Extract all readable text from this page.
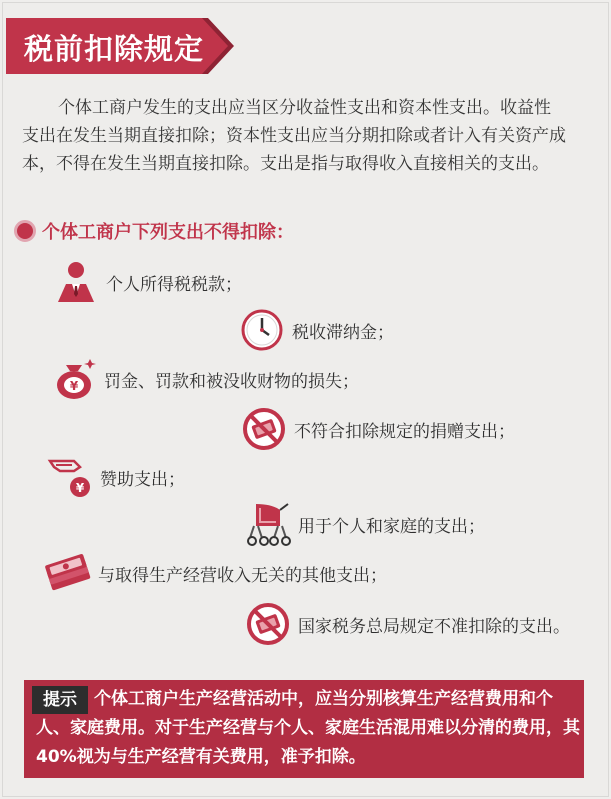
税前扣除规定

个体工商户发生的支出应当区分收益性支出和资本性支出。收益性支出在发生当期直接扣除；资本性支出应当分期扣除或者计入有关资产成本，不得在发生当期直接扣除。支出是指与取得收入直接相关的支出。

个体工商户下列支出不得扣除：
个人所得税税款；
税收滞纳金；
¥ 罚金、罚款和被没收财物的损失；
不符合扣除规定的捐赠支出；
¥ 赞助支出；
用于个人和家庭的支出；
与取得生产经营收入无关的其他支出；
国家税务总局规定不准扣除的支出。
提示	个体工商户生产经营活动中，应当分别核算生产经营费用和个人、家庭费用。对于生产经营与个人、家庭生活混用难以分清的费用，其40%视为与生产经营有关费用，准予扣除。
